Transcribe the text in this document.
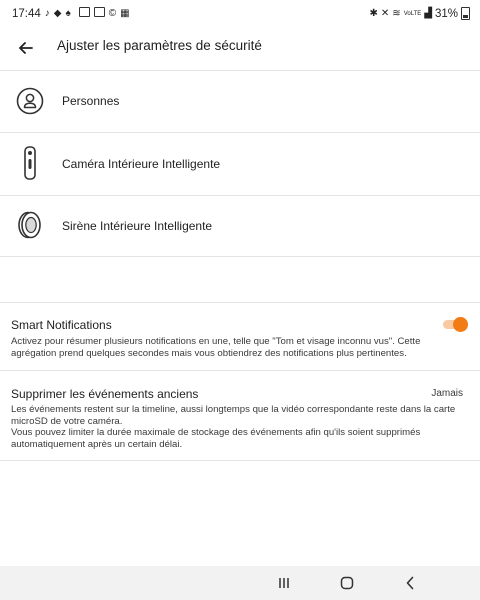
17:44 ♪ ◆ ♠	© ▦	✱ ✕ ≋ VoLTE ▟ 31%
Ajuster les paramètres de sécurité
Personnes
Caméra Intérieure Intelligente
Sirène Intérieure Intelligente
Smart Notifications
Activez pour résumer plusieurs notifications en une, telle que "Tom et visage inconnu vus". Cette agrégation prend quelques secondes mais vous obtiendrez des notifications plus pertinentes.
Supprimer les événements anciens	Jamais
Les événements restent sur la timeline, aussi longtemps que la vidéo correspondante reste dans la carte microSD de votre caméra.
Vous pouvez limiter la durée maximale de stockage des événements afin qu'ils soient supprimés automatiquement après un certain délai.
